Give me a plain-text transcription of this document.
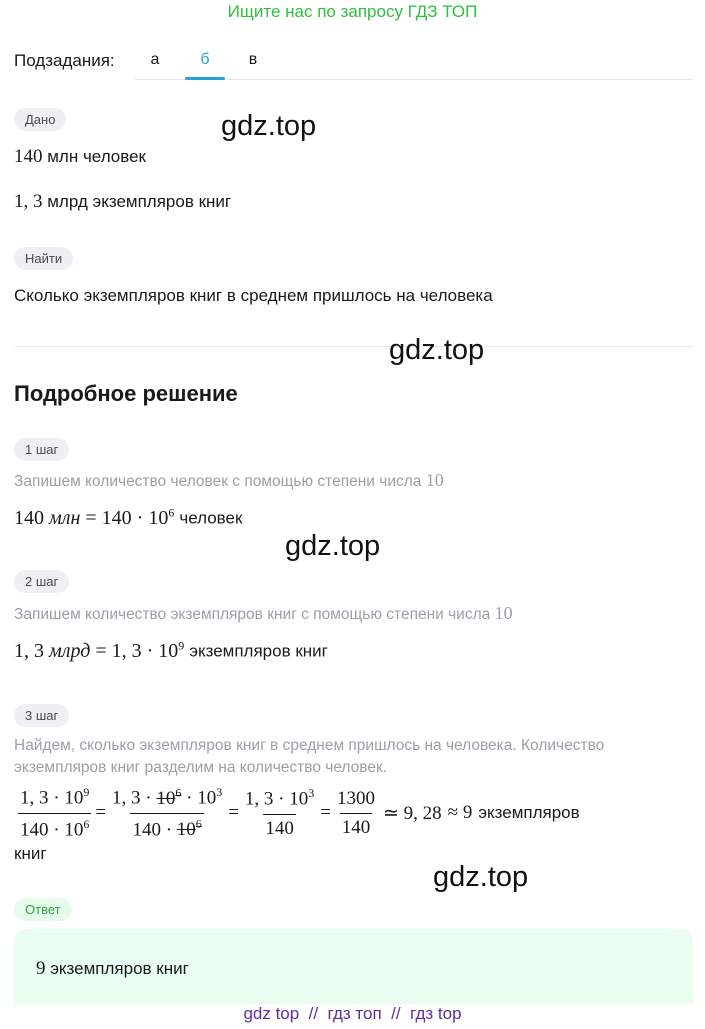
Ищите нас по запросу ГДЗ ТОП
Подзадания:	а	б	в
Дано	gdz.top
140 млн человек
1, 3 млрд экземпляров книг
Найти
Сколько экземпляров книг в среднем пришлось на человека
gdz.top
Подробное решение
1 шаг
Запишем количество человек с помощью степени числа 10
140 млн = $140 \cdot 10^6$ человек
gdz.top
2 шаг
Запишем количество экземпляров книг с помощью степени числа 10
1, 3 млрд = 1, $3 \cdot 10^9$ экземпляров книг
3 шаг
Найдем, сколько экземпляров книг в среднем пришлось на человека. Количество
экземпляров книг разделим на количество человек.
$\frac{1, 3 \cdot 10^9}{140 \cdot 10^6} = \frac{1, 3 \cdot 10^6 \cdot 10^3}{140 \cdot 10^6} = \frac{1, 3 \cdot 10^3}{140} = \frac{1300}{140}$ ≃ 9, 28 ≈ 9 экземпляров
книг
gdz.top
Ответ
9 экземпляров книг
gdz top  //  гдз топ  //  гдз top
